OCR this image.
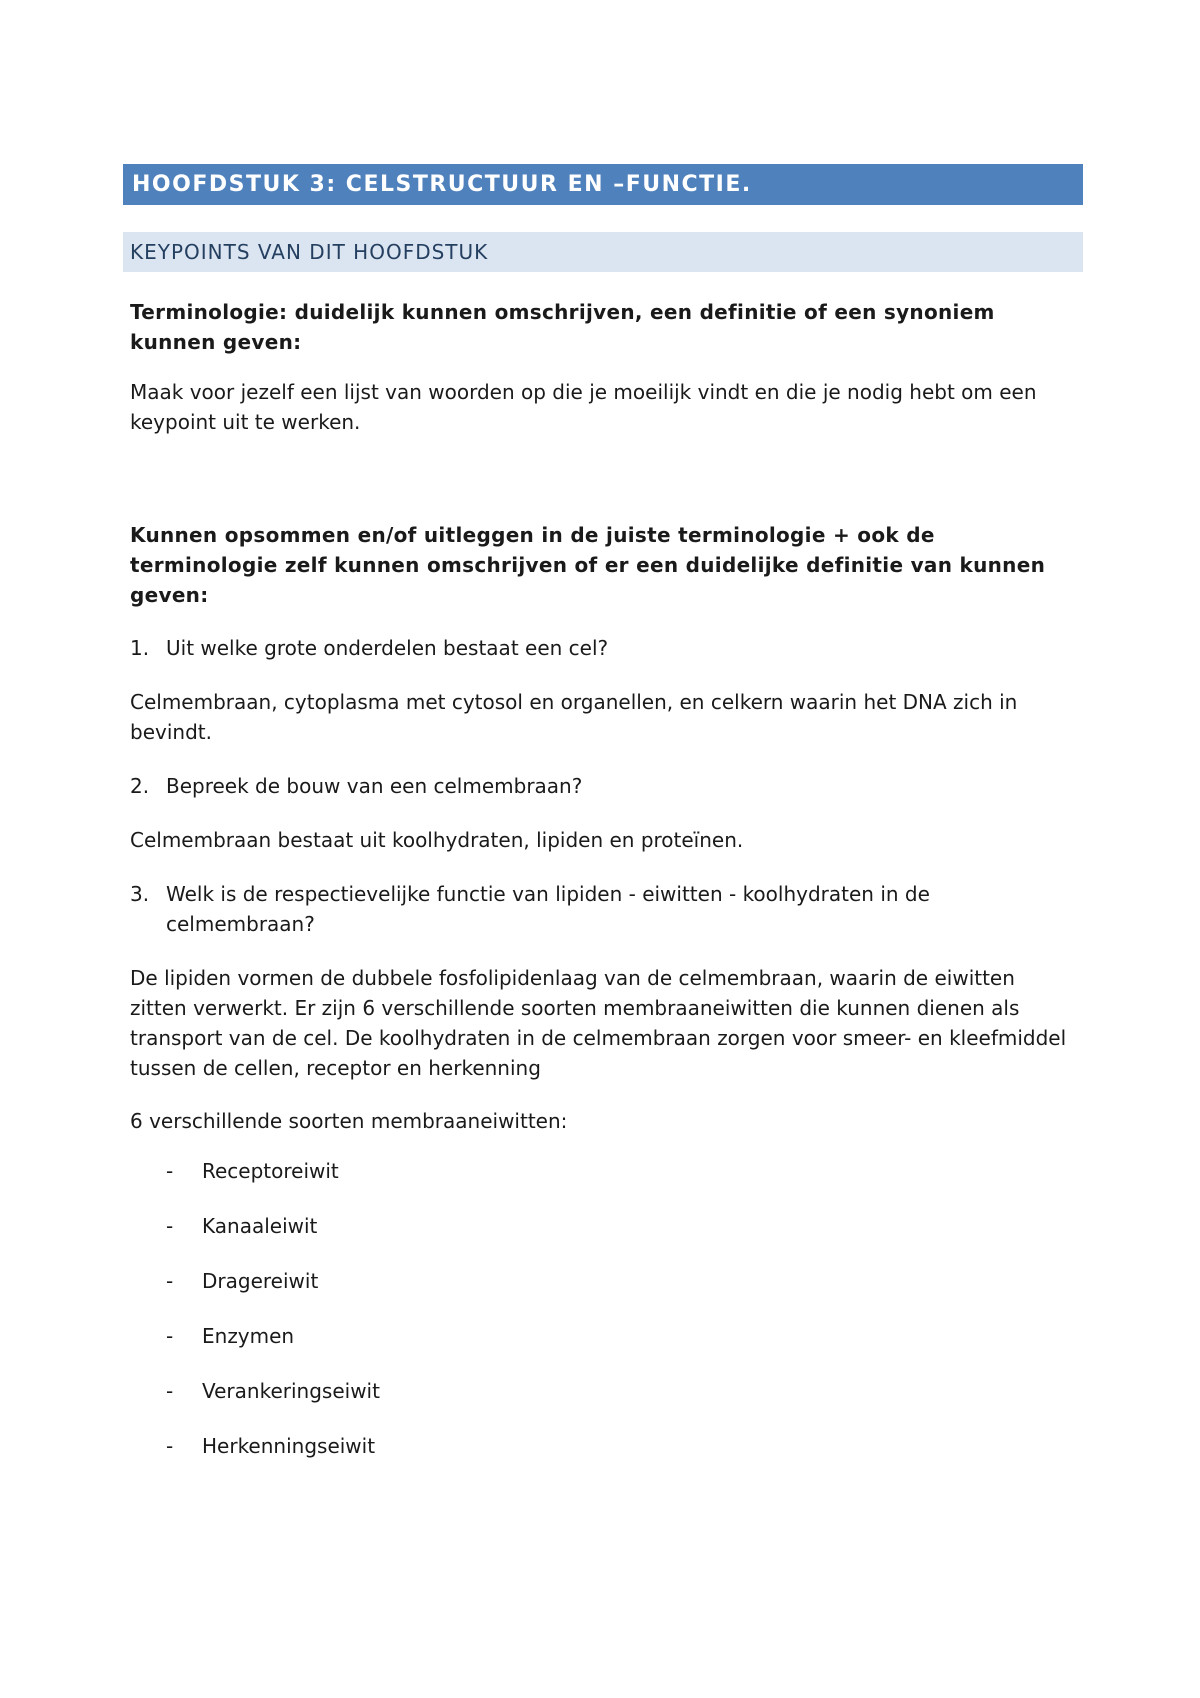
HOOFDSTUK 3: CELSTRUCTUUR EN –FUNCTIE.
KEYPOINTS VAN DIT HOOFDSTUK

Terminologie: duidelijk kunnen omschrijven, een definitie of een synoniem kunnen geven:

Maak voor jezelf een lijst van woorden op die je moeilijk vindt en die je nodig hebt om een keypoint uit te werken.

Kunnen opsommen en/of uitleggen in de juiste terminologie + ook de terminologie zelf kunnen omschrijven of er een duidelijke definitie van kunnen geven:

1. Uit welke grote onderdelen bestaat een cel?

Celmembraan, cytoplasma met cytosol en organellen, en celkern waarin het DNA zich in bevindt.

2. Bepreek de bouw van een celmembraan?

Celmembraan bestaat uit koolhydraten, lipiden en proteïnen.

3. Welk is de respectievelijke functie van lipiden - eiwitten - koolhydraten in de celmembraan?

De lipiden vormen de dubbele fosfolipidenlaag van de celmembraan, waarin de eiwitten zitten verwerkt. Er zijn 6 verschillende soorten membraaneiwitten die kunnen dienen als transport van de cel. De koolhydraten in de celmembraan zorgen voor smeer- en kleefmiddel tussen de cellen, receptor en herkenning

6 verschillende soorten membraaneiwitten:

-	Receptoreiwit
-	Kanaaleiwit
-	Dragereiwit
-	Enzymen
-	Verankeringseiwit
-	Herkenningseiwit
